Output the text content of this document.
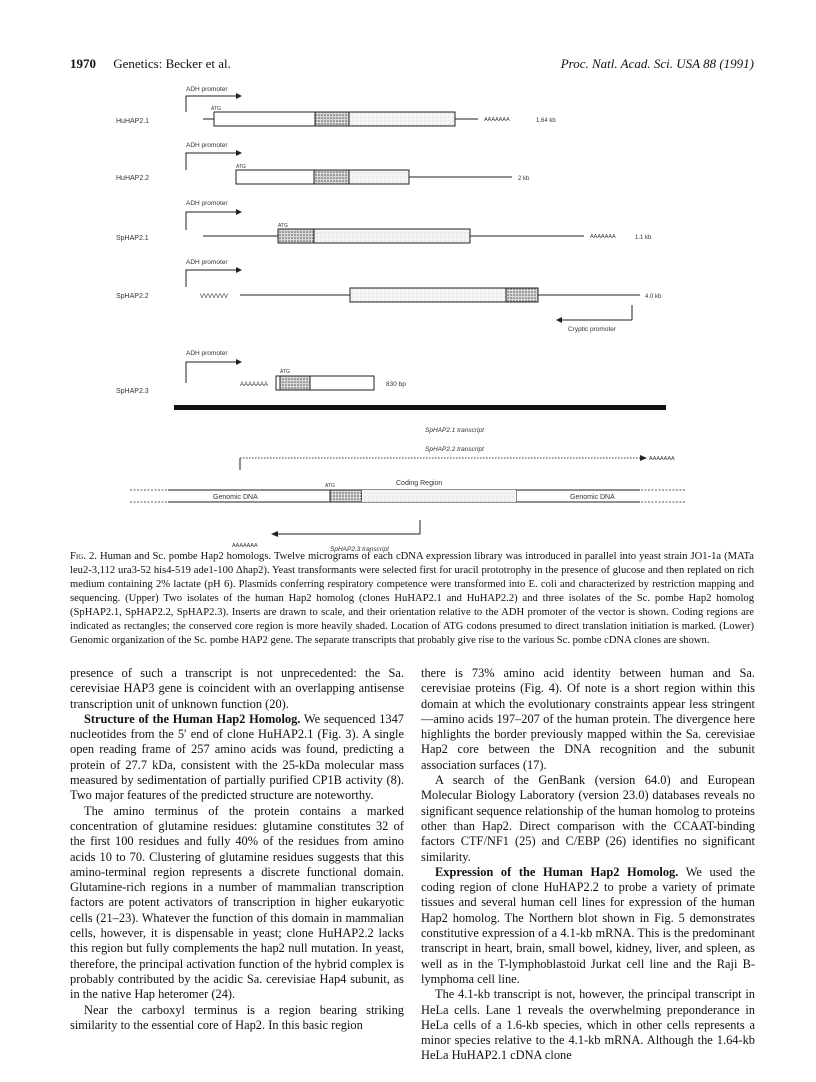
1970 Genetics: Becker et al.	Proc. Natl. Acad. Sci. USA 88 (1991)
ADH promoter
HuHAP2.1
ATG
AAAAAAA	1.64 kb
ADH promoter
HuHAP2.2
ATG
2 kb
ADH promoter
SpHAP2.1
ATG
AAAAAAA	1.1 kb
ADH promoter
SpHAP2.2	VVVVVVV	4.0 kb
Cryptic promoter
ADH promoter
SpHAP2.3
AAAAAAA
ATG
830 bp
SpHAP2.1 transcript
SpHAP2.2 transcript
AAAAAAA
Coding Region
ATG
Genomic DNA	Genomic DNA
AAAAAAA	SpHAP2.3 transcript
Fig. 2. Human and Sc. pombe Hap2 homologs. Twelve micrograms of each cDNA expression library was introduced in parallel into yeast strain JO1-1a (MATa leu2-3,112 ura3-52 his4-519 ade1-100 Δhap2). Yeast transformants were selected first for uracil prototrophy in the presence of glucose and then replated on rich medium containing 2% lactate (pH 6). Plasmids conferring respiratory competence were transformed into E. coli and characterized by restriction mapping and sequencing. (Upper) Two isolates of the human Hap2 homolog (clones HuHAP2.1 and HuHAP2.2) and three isolates of the Sc. pombe Hap2 homolog (SpHAP2.1, SpHAP2.2, SpHAP2.3). Inserts are drawn to scale, and their orientation relative to the ADH promoter of the vector is shown. Coding regions are indicated as rectangles; the conserved core region is more heavily shaded. Location of ATG codons presumed to direct translation initiation is marked. (Lower) Genomic organization of the Sc. pombe HAP2 gene. The separate transcripts that probably give rise to the various Sc. pombe cDNA clones are shown.

presence of such a transcript is not unprecedented: the Sa. cerevisiae HAP3 gene is coincident with an overlapping antisense transcription unit of unknown function (20).

Structure of the Human Hap2 Homolog. We sequenced 1347 nucleotides from the 5′ end of clone HuHAP2.1 (Fig. 3). A single open reading frame of 257 amino acids was found, predicting a protein of 27.7 kDa, consistent with the 25-kDa molecular mass measured by sedimentation of partially purified CP1B activity (8). Two major features of the predicted structure are noteworthy.

The amino terminus of the protein contains a marked concentration of glutamine residues: glutamine constitutes 32 of the first 100 residues and fully 40% of the residues from amino acids 10 to 70. Clustering of glutamine residues suggests that this amino-terminal region represents a discrete functional domain. Glutamine-rich regions in a number of mammalian transcription factors are potent activators of transcription in higher eukaryotic cells (21–23). Whatever the function of this domain in mammalian cells, however, it is dispensable in yeast; clone HuHAP2.2 lacks this region but fully complements the hap2 null mutation. In yeast, therefore, the principal activation function of the hybrid complex is probably contributed by the acidic Sa. cerevisiae Hap4 subunit, as in the native Hap heteromer (24).

Near the carboxyl terminus is a region bearing striking similarity to the essential core of Hap2. In this basic region

there is 73% amino acid identity between human and Sa. cerevisiae proteins (Fig. 4). Of note is a short region within this domain at which the evolutionary constraints appear less stringent—amino acids 197–207 of the human protein. The divergence here highlights the border previously mapped within the Sa. cerevisiae Hap2 core between the DNA recognition and the subunit association surfaces (17).

A search of the GenBank (version 64.0) and European Molecular Biology Laboratory (version 23.0) databases reveals no significant sequence relationship of the human homolog to proteins other than Hap2. Direct comparison with the CCAAT-binding factors CTF/NF1 (25) and C/EBP (26) identifies no significant similarity.

Expression of the Human Hap2 Homolog. We used the coding region of clone HuHAP2.2 to probe a variety of primate tissues and several human cell lines for expression of the human Hap2 homolog. The Northern blot shown in Fig. 5 demonstrates constitutive expression of a 4.1-kb mRNA. This is the predominant transcript in heart, brain, small bowel, kidney, liver, and spleen, as well as in the T-lymphoblastoid Jurkat cell line and the Raji B-lymphoma cell line.

The 4.1-kb transcript is not, however, the principal transcript in HeLa cells. Lane 1 reveals the overwhelming preponderance in HeLa cells of a 1.6-kb species, which in other cells represents a minor species relative to the 4.1-kb mRNA. Although the 1.64-kb HeLa HuHAP2.1 cDNA clone
